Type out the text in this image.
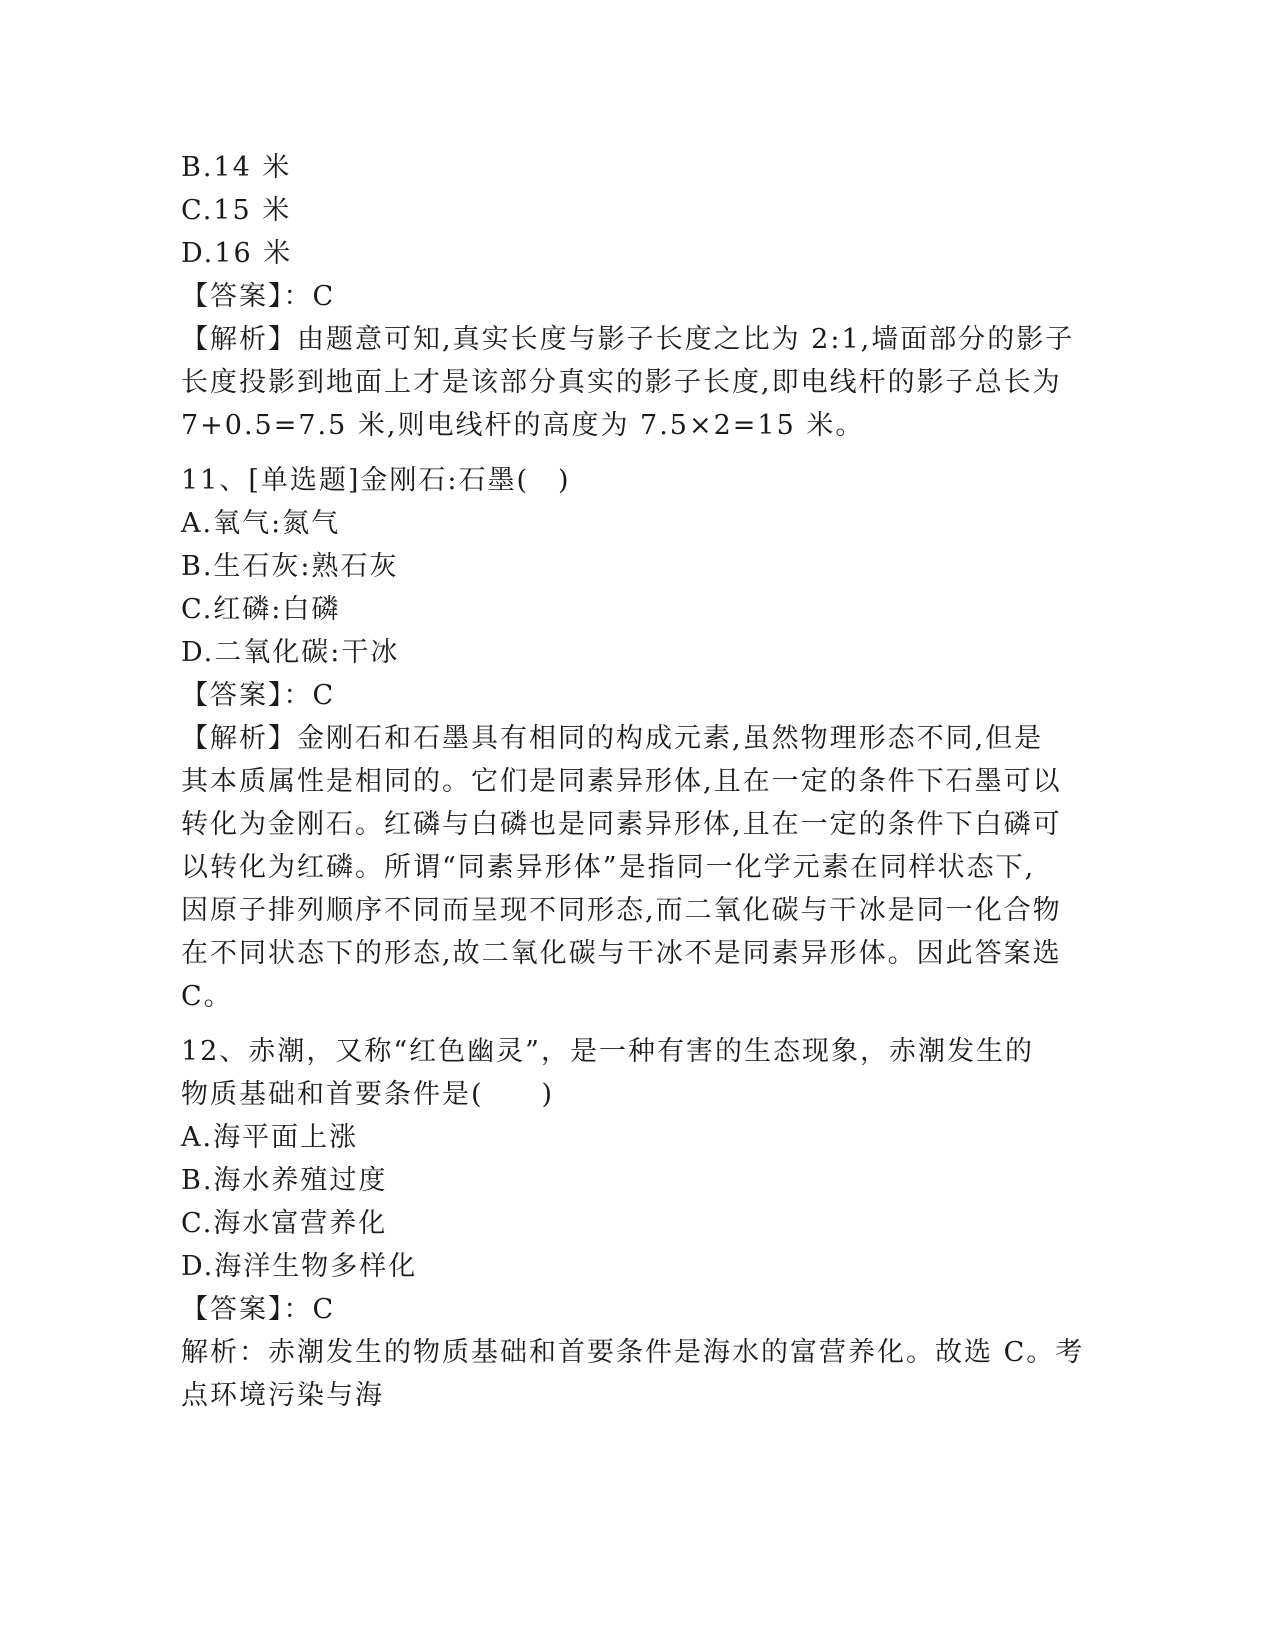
B.14 米

C.15 米

D.16 米

【答案】：C

【解析】由题意可知,真实长度与影子长度之比为 2:1,墙面部分的影子

长度投影到地面上才是该部分真实的影子长度,即电线杆的影子总长为

7+0.5=7.5 米,则电线杆的高度为 7.5×2=15 米。

11、[单选题]金刚石:石墨(　)

A.氧气:氮气

B.生石灰:熟石灰

C.红磷:白磷

D.二氧化碳:干冰

【答案】：C

【解析】金刚石和石墨具有相同的构成元素,虽然物理形态不同,但是

其本质属性是相同的。它们是同素异形体,且在一定的条件下石墨可以

转化为金刚石。红磷与白磷也是同素异形体,且在一定的条件下白磷可

以转化为红磷。所谓“同素异形体”是指同一化学元素在同样状态下,

因原子排列顺序不同而呈现不同形态,而二氧化碳与干冰是同一化合物

在不同状态下的形态,故二氧化碳与干冰不是同素异形体。因此答案选

C。

12、赤潮，又称“红色幽灵”，是一种有害的生态现象，赤潮发生的

物质基础和首要条件是(　　)

A.海平面上涨

B.海水养殖过度

C.海水富营养化

D.海洋生物多样化

【答案】：C

解析：赤潮发生的物质基础和首要条件是海水的富营养化。故选 C。考

点环境污染与海
